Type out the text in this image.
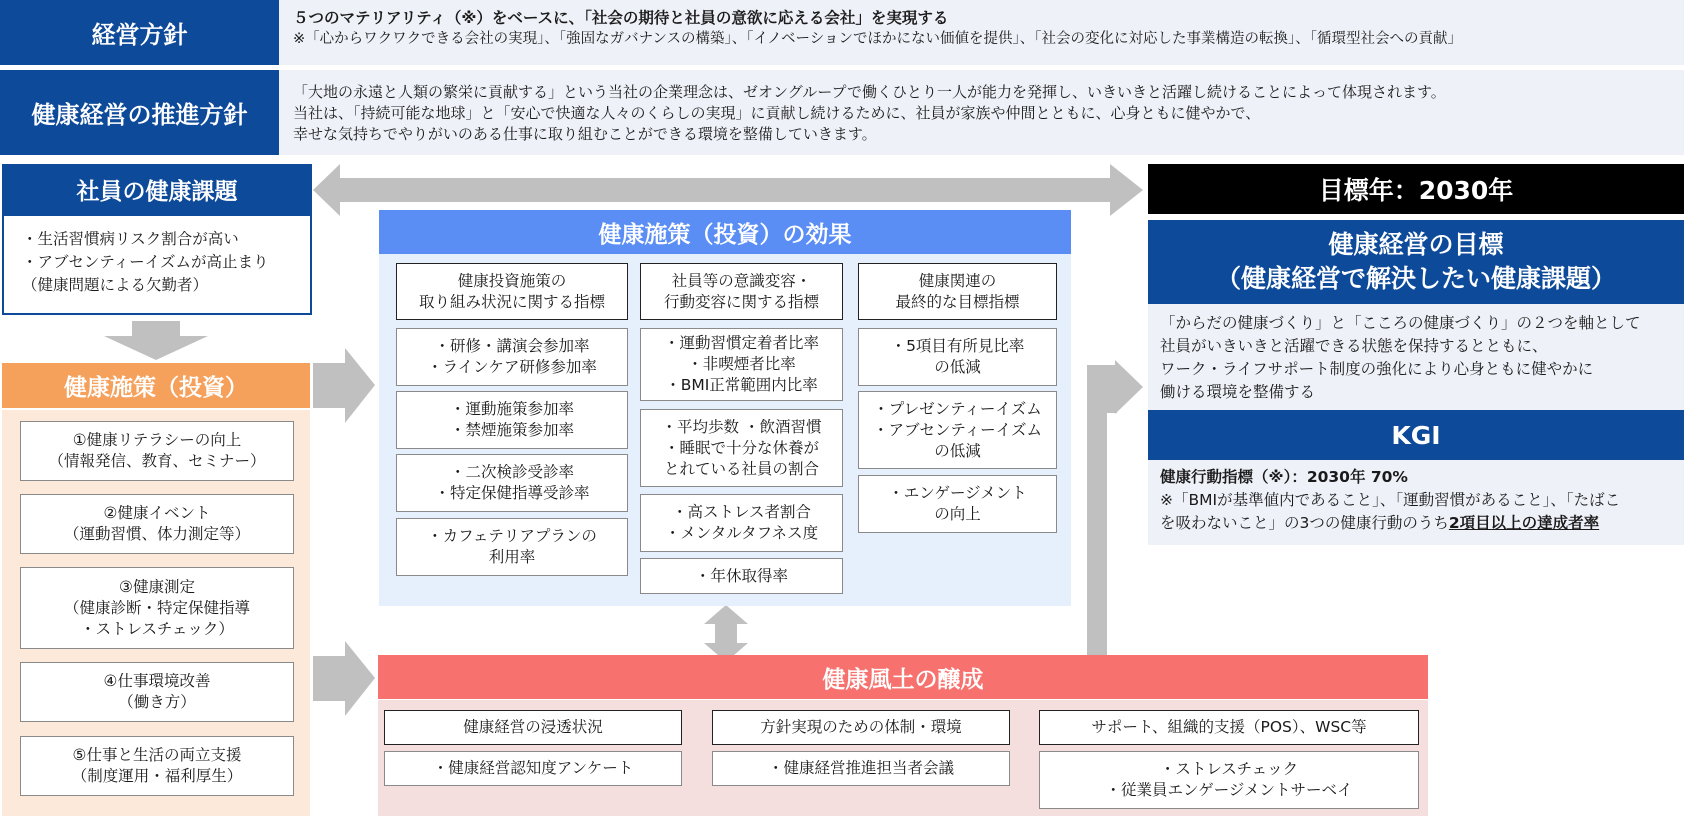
経営方針
５つのマテリアリティ（※）をベースに、「社会の期待と社員の意欲に応える会社」を実現する
※「心からワクワクできる会社の実現」、「強固なガバナンスの構築」、「イノベーションでほかにない価値を提供」、「社会の変化に対応した事業構造の転換」、「循環型社会への貢献」
健康経営の推進方針
「大地の永遠と人類の繁栄に貢献する」という当社の企業理念は、ゼオングループで働くひとり一人が能力を発揮し、いきいきと活躍し続けることによって体現されます。
当社は、「持続可能な地球」と「安心で快適な人々のくらしの実現」に貢献し続けるために、社員が家族や仲間とともに、心身ともに健やかで、
幸せな気持ちでやりがいのある仕事に取り組むことができる環境を整備していきます。
社員の健康課題
・生活習慣病リスク割合が高い
・アブセンティーイズムが高止まり
（健康問題による欠勤者）
健康施策（投資）
①健康リテラシーの向上
（情報発信、教育、セミナー）
②健康イベント
（運動習慣、体力測定等）
③健康測定
（健康診断・特定保健指導
・ストレスチェック）
④仕事環境改善
（働き方）
⑤仕事と生活の両立支援
（制度運用・福利厚生）
健康施策（投資）の効果
健康投資施策の
取り組み状況に関する指標
・研修・講演会参加率
・ラインケア研修参加率
・運動施策参加率
・禁煙施策参加率
・二次検診受診率
・特定保健指導受診率
・カフェテリアプランの
利用率
社員等の意識変容・
行動変容に関する指標
・運動習慣定着者比率
・非喫煙者比率
・BMI正常範囲内比率
・平均歩数 ・飲酒習慣
・睡眠で十分な休養が
とれている社員の割合
・高ストレス者割合
・メンタルタフネス度
・年休取得率
健康関連の
最終的な目標指標
・5項目有所見比率
の低減
・プレゼンティーイズム
・アブセンティーイズム
の低減
・エンゲージメント
の向上
健康風土の醸成
健康経営の浸透状況
・健康経営認知度アンケート
方針実現のための体制・環境
・健康経営推進担当者会議
サポート、組織的支援（POS）、WSC等
・ストレスチェック
・従業員エンゲージメントサーベイ
目標年：2030年
健康経営の目標
（健康経営で解決したい健康課題）
「からだの健康づくり」と「こころの健康づくり」の２つを軸として
社員がいきいきと活躍できる状態を保持するとともに、
ワーク・ライフサポート制度の強化により心身ともに健やかに
働ける環境を整備する
KGI
健康行動指標（※）：2030年 70%
※「BMIが基準値内であること」、「運動習慣があること」、「たばこ
を吸わないこと」の3つの健康行動のうち2項目以上の達成者率
